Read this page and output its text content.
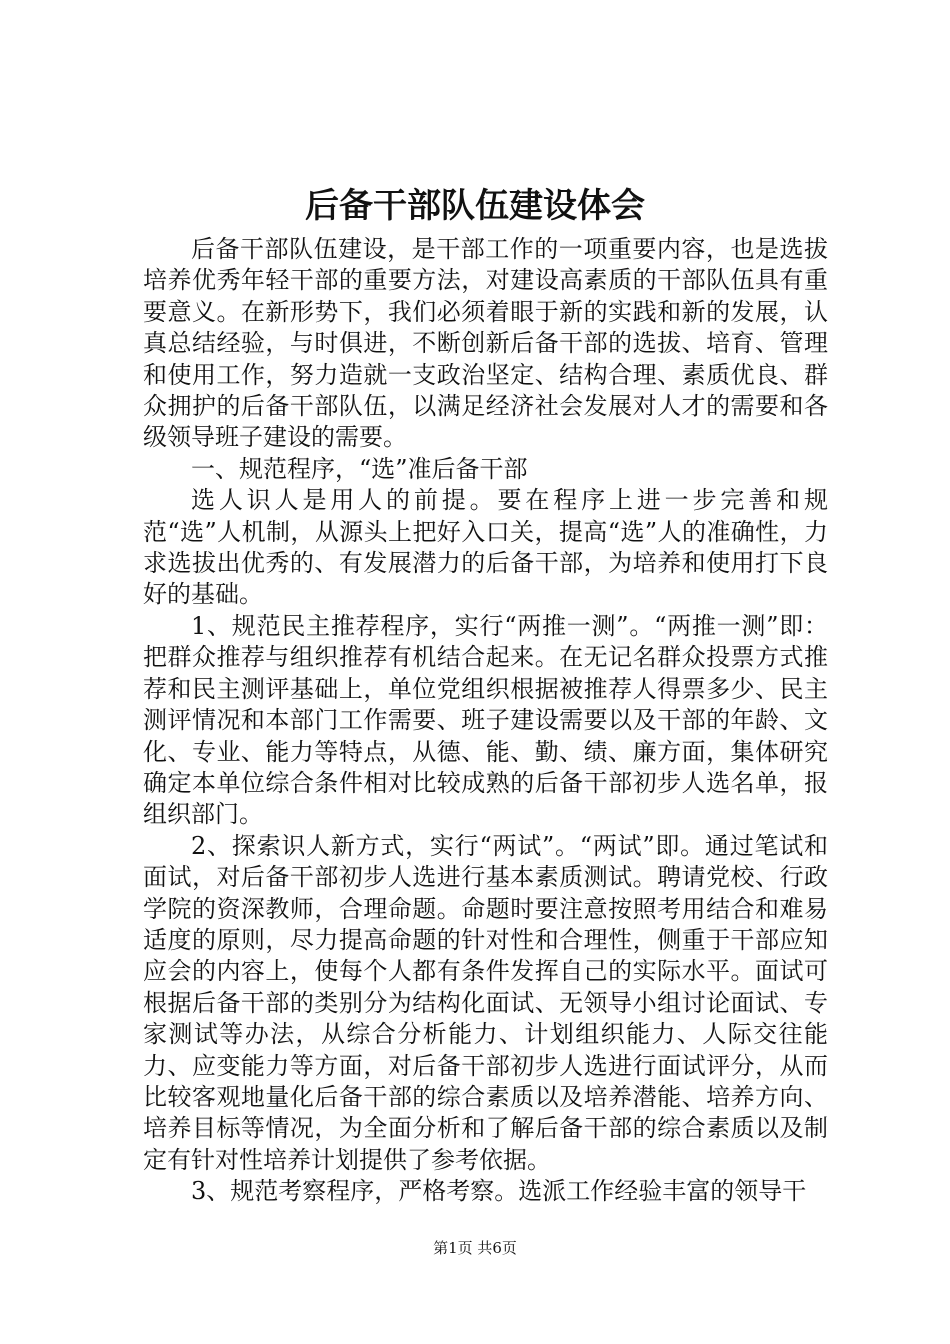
后备干部队伍建设体会

后备干部队伍建设，是干部工作的一项重要内容，也是选拔培养优秀年轻干部的重要方法，对建设高素质的干部队伍具有重要意义。在新形势下，我们必须着眼于新的实践和新的发展，认真总结经验，与时俱进，不断创新后备干部的选拔、培育、管理和使用工作，努力造就一支政治坚定、结构合理、素质优良、群众拥护的后备干部队伍，以满足经济社会发展对人才的需要和各级领导班子建设的需要。

一、规范程序，“选”准后备干部

选人识人是用人的前提。要在程序上进一步完善和规范“选”人机制，从源头上把好入口关，提高“选”人的准确性，力求选拔出优秀的、有发展潜力的后备干部，为培养和使用打下良好的基础。

1、规范民主推荐程序，实行“两推一测”。“两推一测”即：把群众推荐与组织推荐有机结合起来。在无记名群众投票方式推荐和民主测评基础上，单位党组织根据被推荐人得票多少、民主测评情况和本部门工作需要、班子建设需要以及干部的年龄、文化、专业、能力等特点，从德、能、勤、绩、廉方面，集体研究确定本单位综合条件相对比较成熟的后备干部初步人选名单，报组织部门。

2、探索识人新方式，实行“两试”。“两试”即。通过笔试和面试，对后备干部初步人选进行基本素质测试。聘请党校、行政学院的资深教师，合理命题。命题时要注意按照考用结合和难易适度的原则，尽力提高命题的针对性和合理性，侧重于干部应知应会的内容上，使每个人都有条件发挥自己的实际水平。面试可根据后备干部的类别分为结构化面试、无领导小组讨论面试、专家测试等办法，从综合分析能力、计划组织能力、人际交往能力、应变能力等方面，对后备干部初步人选进行面试评分，从而比较客观地量化后备干部的综合素质以及培养潜能、培养方向、培养目标等情况，为全面分析和了解后备干部的综合素质以及制定有针对性培养计划提供了参考依据。

3、规范考察程序，严格考察。选派工作经验丰富的领导干

第1页 共6页
